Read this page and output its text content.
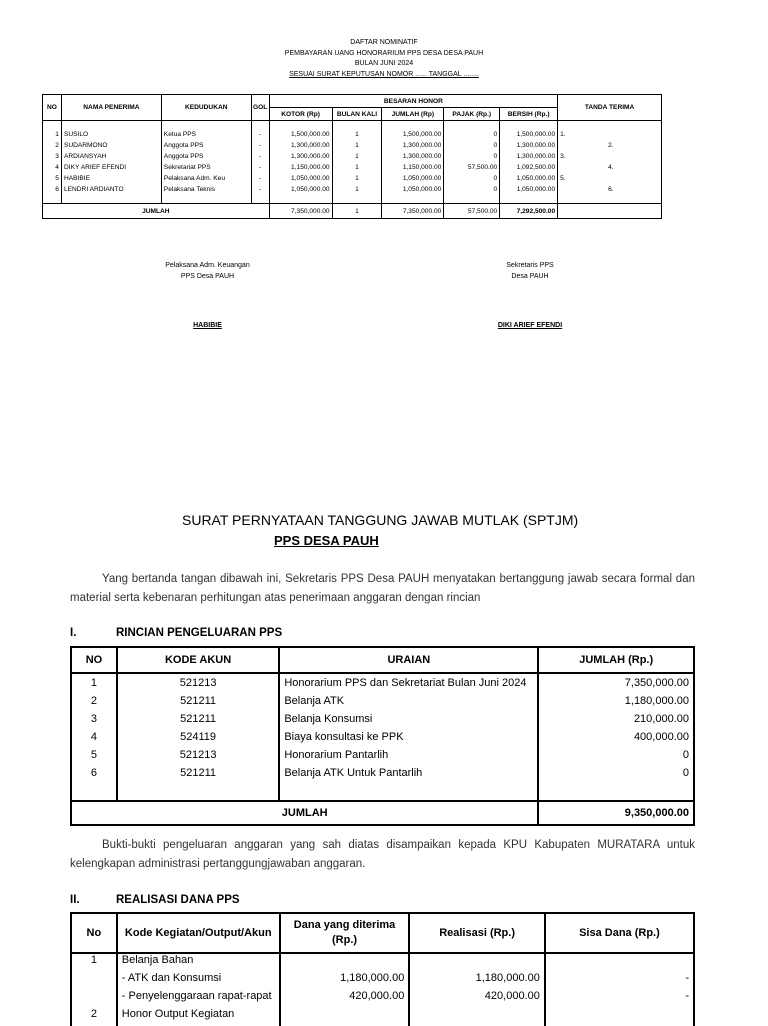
DAFTAR NOMINATIF
PEMBAYARAN UANG HONORARIUM PPS DESA DESA PAUH
BULAN JUNI 2024
SESUAI SURAT KEPUTUSAN NOMOR ...... TANGGAL ........
NO	NAMA PENERIMA	KEDUDUKAN	GOL	BESARAN HONOR					TANDA TERIMA
				KOTOR (Rp)	BULAN KALI	JUMLAH (Rp)	PAJAK (Rp.)	BERSIH (Rp.)	

1	SUSILO	Ketua PPS	-	1,500,000.00	1	1,500,000.00	0	1,500,000.00	1.
2	SUDARMONO	Anggota PPS	-	1,300,000.00	1	1,300,000.00	0	1,300,000.00	2.
3	ARDIANSYAH	Anggota PPS	-	1,300,000.00	1	1,300,000.00	0	1,300,000.00	3.
4	DIKY ARIEF EFENDI	Sekretariat PPS	-	1,150,000.00	1	1,150,000.00	57,500.00	1,092,500.00	4.
5	HABIBIE	Pelaksana Adm. Keu	-	1,050,000.00	1	1,050,000.00	0	1,050,000.00	5.
6	LENDRI ARDIANTO	Pelaksana Teknis	-	1,050,000.00	1	1,050,000.00	0	1,050,000.00	6.

JUMLAH				7,350,000.00	1	7,350,000.00	57,500.00	7,292,500.00	
Pelaksana Adm. Keuangan
PPS Desa PAUH
HABIBIE
Sekretaris PPS
Desa PAUH
DIKI ARIEF EFENDI
SURAT PERNYATAAN TANGGUNG JAWAB MUTLAK (SPTJM)
PPS DESA PAUH
Yang bertanda tangan dibawah ini, Sekretaris PPS Desa PAUH menyatakan bertanggung jawab secara formal dan material serta kebenaran perhitungan atas penerimaan anggaran dengan rincian
I.	RINCIAN PENGELUARAN PPS
NO	KODE AKUN	URAIAN	JUMLAH (Rp.)
1	521213	Honorarium PPS dan Sekretariat Bulan Juni 2024	7,350,000.00
2	521211	Belanja ATK	1,180,000.00
3	521211	Belanja Konsumsi	210,000.00
4	524119	Biaya konsultasi ke PPK	400,000.00
5	521213	Honorarium Pantarlih	0
6	521211	Belanja ATK Untuk Pantarlih	0

JUMLAH			9,350,000.00
Bukti-bukti pengeluaran anggaran yang sah diatas disampaikan kepada KPU Kabupaten MURATARA untuk kelengkapan administrasi pertanggungjawaban anggaran.
II.	REALISASI DANA PPS
No	Kode Kegiatan/Output/Akun	Dana yang diterima (Rp.)	Realisasi (Rp.)	Sisa Dana (Rp.)
1	Belanja Bahan			
	- ATK dan Konsumsi	1,180,000.00	1,180,000.00	-
	- Penyelenggaraan rapat-rapat	420,000.00	420,000.00	-
2	Honor Output Kegiatan			
